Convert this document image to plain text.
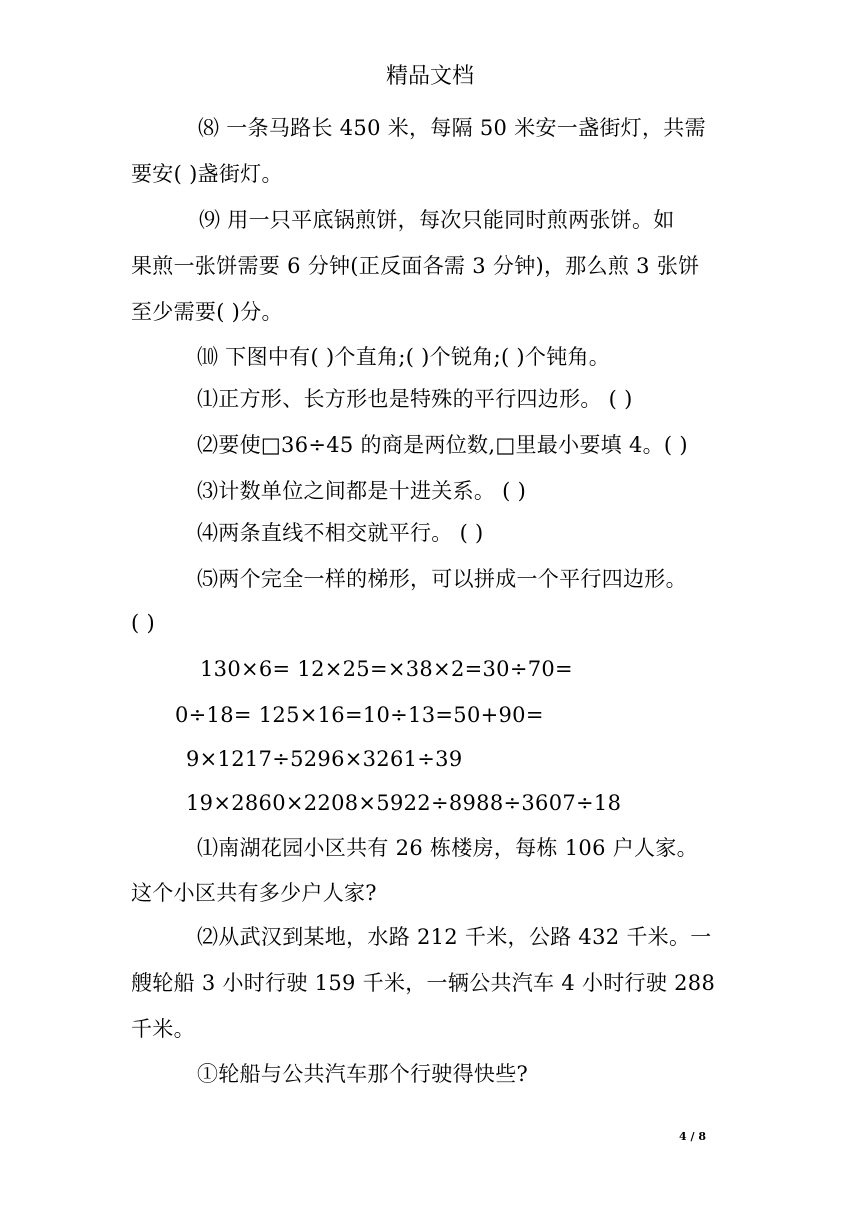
精品文档
⑻ 一条马路长 450 米，每隔 50 米安一盏街灯，共需
要安( )盏街灯。
⑼ 用一只平底锅煎饼，每次只能同时煎两张饼。如
果煎一张饼需要 6 分钟(正反面各需 3 分钟)，那么煎 3 张饼
至少需要( )分。
⑽ 下图中有( )个直角;( )个锐角;( )个钝角。
⑴正方形、长方形也是特殊的平行四边形。 ( )
⑵要使□36÷45 的商是两位数,□里最小要填 4。( )
⑶计数单位之间都是十进关系。 ( )
⑷两条直线不相交就平行。 ( )
⑸两个完全一样的梯形，可以拼成一个平行四边形。
( )
130×6= 12×25=×38×2=30÷70=
0÷18= 125×16=10÷13=50+90=
9×1217÷5296×3261÷39
19×2860×2208×5922÷8988÷3607÷18
⑴南湖花园小区共有 26 栋楼房，每栋 106 户人家。
这个小区共有多少户人家?
⑵从武汉到某地，水路 212 千米，公路 432 千米。一
艘轮船 3 小时行驶 159 千米，一辆公共汽车 4 小时行驶 288
千米。
①轮船与公共汽车那个行驶得快些?
4 / 8
